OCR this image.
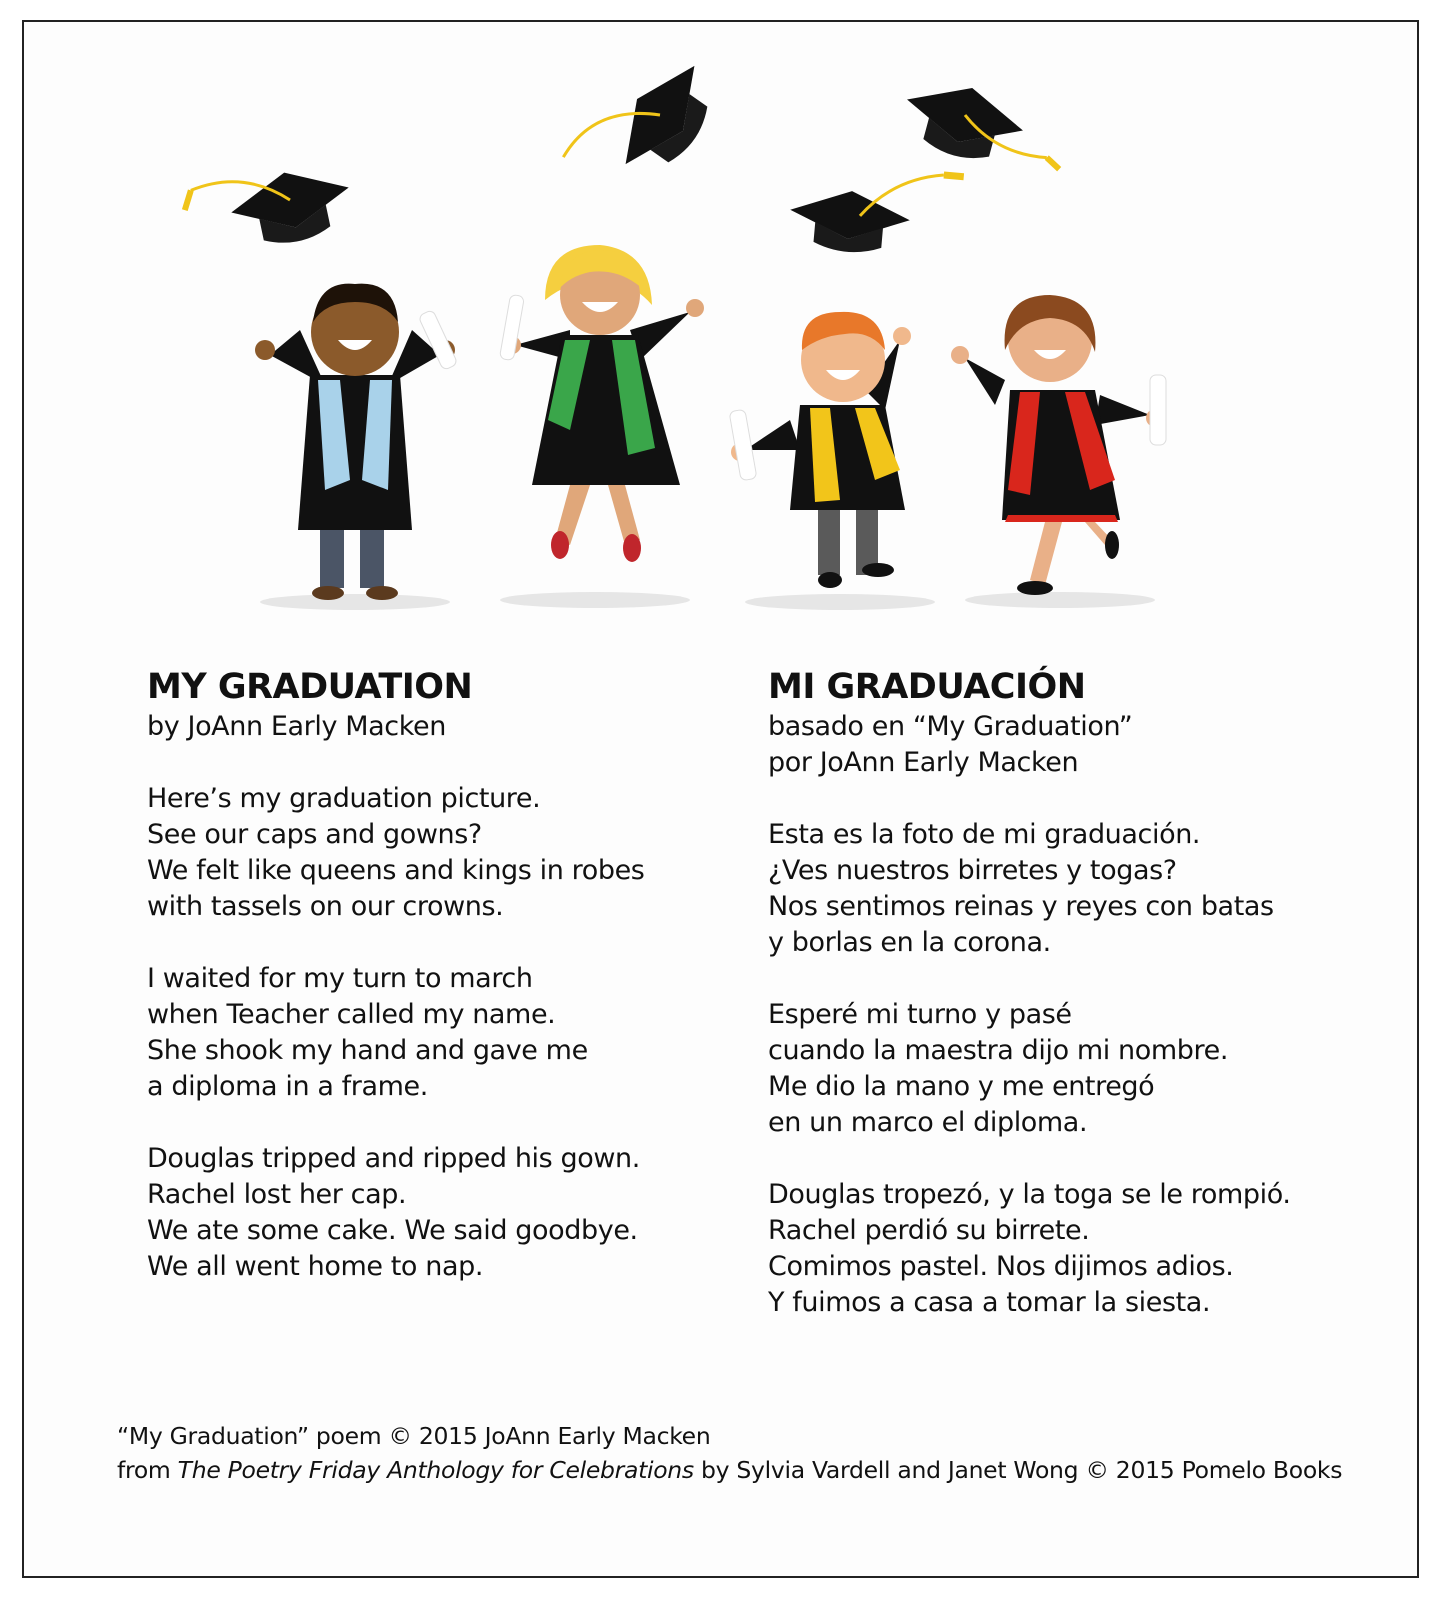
MY GRADUATION

by JoAnn Early Macken

Here’s my graduation picture.

See our caps and gowns?

We felt like queens and kings in robes

with tassels on our crowns.

I waited for my turn to march

when Teacher called my name.

She shook my hand and gave me

a diploma in a frame.

Douglas tripped and ripped his gown.

Rachel lost her cap.

We ate some cake. We said goodbye.

We all went home to nap.

MI GRADUACIÓN

basado en “My Graduation”

por JoAnn Early Macken

Esta es la foto de mi graduación.

¿Ves nuestros birretes y togas?

Nos sentimos reinas y reyes con batas

y borlas en la corona.

Esperé mi turno y pasé

cuando la maestra dijo mi nombre.

Me dio la mano y me entregó

en un marco el diploma.

Douglas tropezó, y la toga se le rompió.

Rachel perdió su birrete.

Comimos pastel. Nos dijimos adios.

Y fuimos a casa a tomar la siesta.

“My Graduation” poem © 2015 JoAnn Early Macken
from The Poetry Friday Anthology for Celebrations by Sylvia Vardell and Janet Wong © 2015 Pomelo Books
